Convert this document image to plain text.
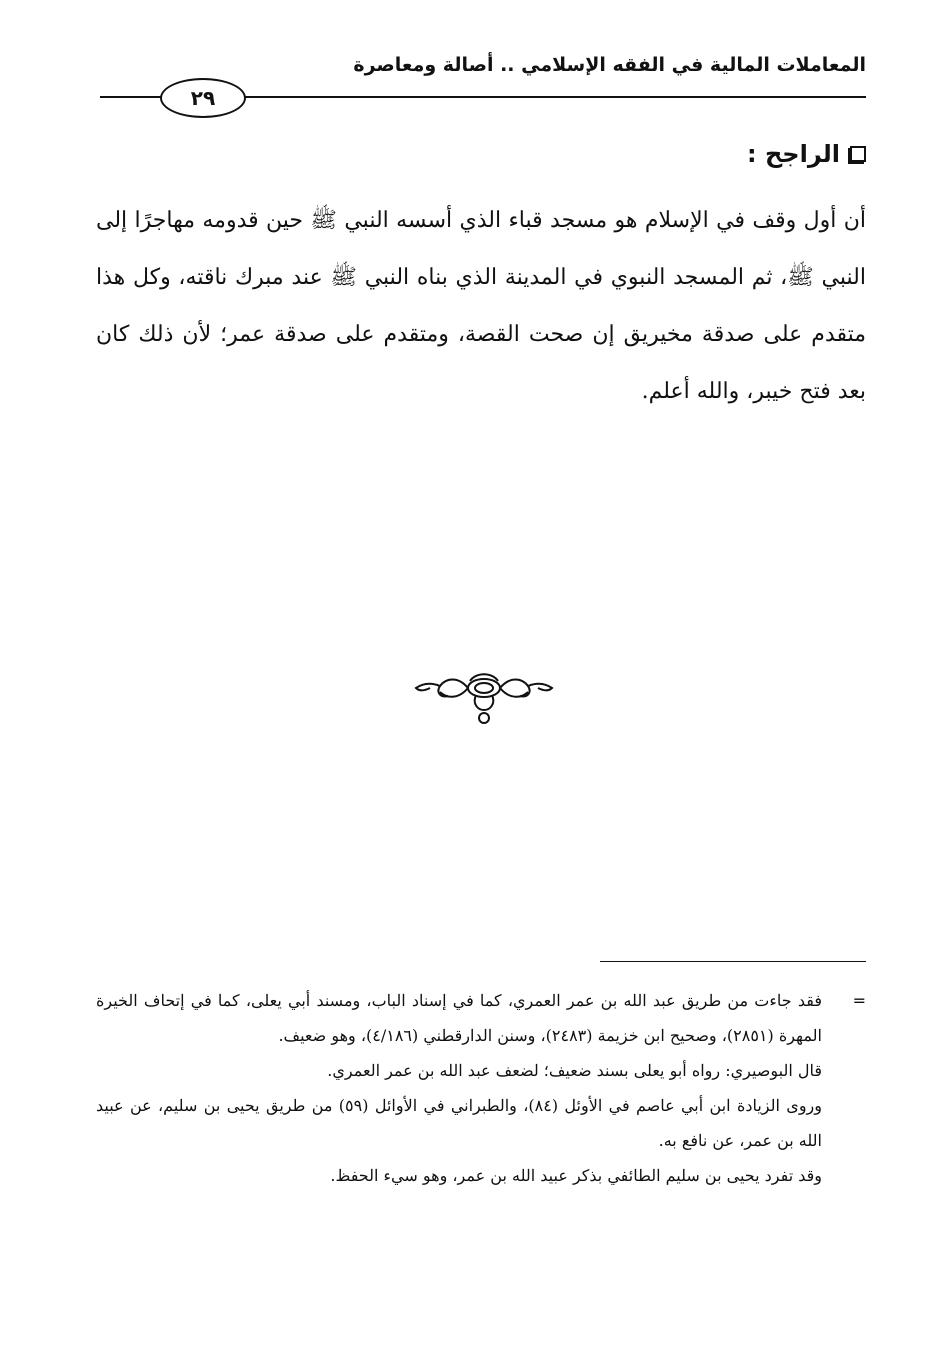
المعاملات المالية في الفقه الإسلامي .. أصالة ومعاصرة
٢٩
الراجح :
أن أول وقف في الإسلام هو مسجد قباء الذي أسسه النبي ﷺ حين قدومه مهاجرًا إلى النبي ﷺ، ثم المسجد النبوي في المدينة الذي بناه النبي ﷺ عند مبرك ناقته، وكل هذا متقدم على صدقة مخيريق إن صحت القصة، ومتقدم على صدقة عمر؛ لأن ذلك كان بعد فتح خيبر، والله أعلم.
=
فقد جاءت من طريق عبد الله بن عمر العمري، كما في إسناد الباب، ومسند أبي يعلى، كما في إتحاف الخيرة المهرة (٢٨٥١)، وصحيح ابن خزيمة (٢٤٨٣)، وسنن الدارقطني (٤/١٨٦)، وهو ضعيف.
قال البوصيري: رواه أبو يعلى بسند ضعيف؛ لضعف عبد الله بن عمر العمري.
وروى الزيادة ابن أبي عاصم في الأوئل (٨٤)، والطبراني في الأوائل (٥٩) من طريق يحيى بن سليم، عن عبيد الله بن عمر، عن نافع به.
وقد تفرد يحيى بن سليم الطائفي بذكر عبيد الله بن عمر، وهو سيء الحفظ.
